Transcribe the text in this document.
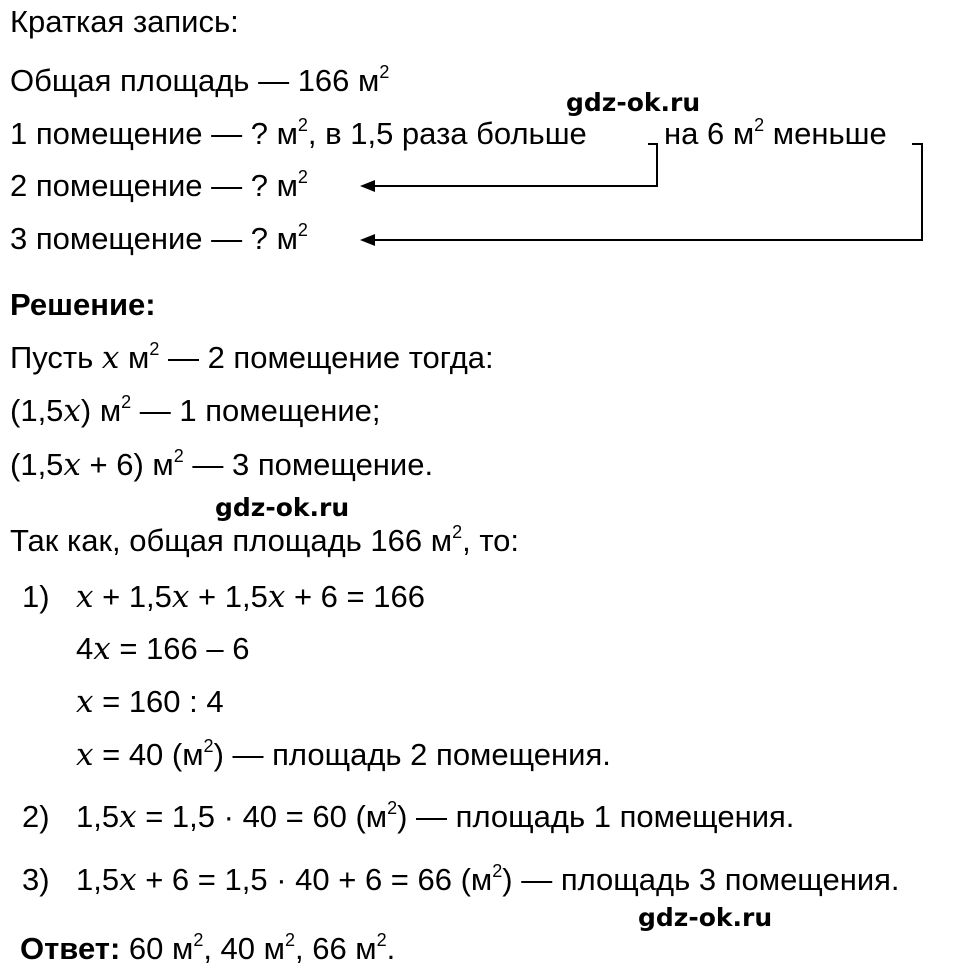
gdz-ok.ru
gdz-ok.ru
gdz-ok.ru
Краткая запись:
Общая площадь — 166 $м^2$
1 помещение — ? $м^2$, в 1,5 раза больше на 6 $м^2$ меньше
2 помещение — ? $м^2$
3 помещение — ? $м^2$
Решение:
Пусть x $м^2$ — 2 помещение тогда:
(1,5x) $м^2$ — 1 помещение;
(1,5x + 6) $м^2$ — 3 помещение.
Так как, общая площадь 166 $м^2$, то:
1) x + 1,5x + 1,5x + 6 = 166
4x = 166 – 6
x = 160 : 4
x = 40 $(м^2)$ — площадь 2 помещения.
2) 1,5x = 1,5 · 40 = 60 $(м^2)$ — площадь 1 помещения.
3) 1,5x + 6 = 1,5 · 40 + 6 = 66 $(м^2)$ — площадь 3 помещения.
Ответ: 60 $м^2$, 40 $м^2$, 66 $м^2$.
